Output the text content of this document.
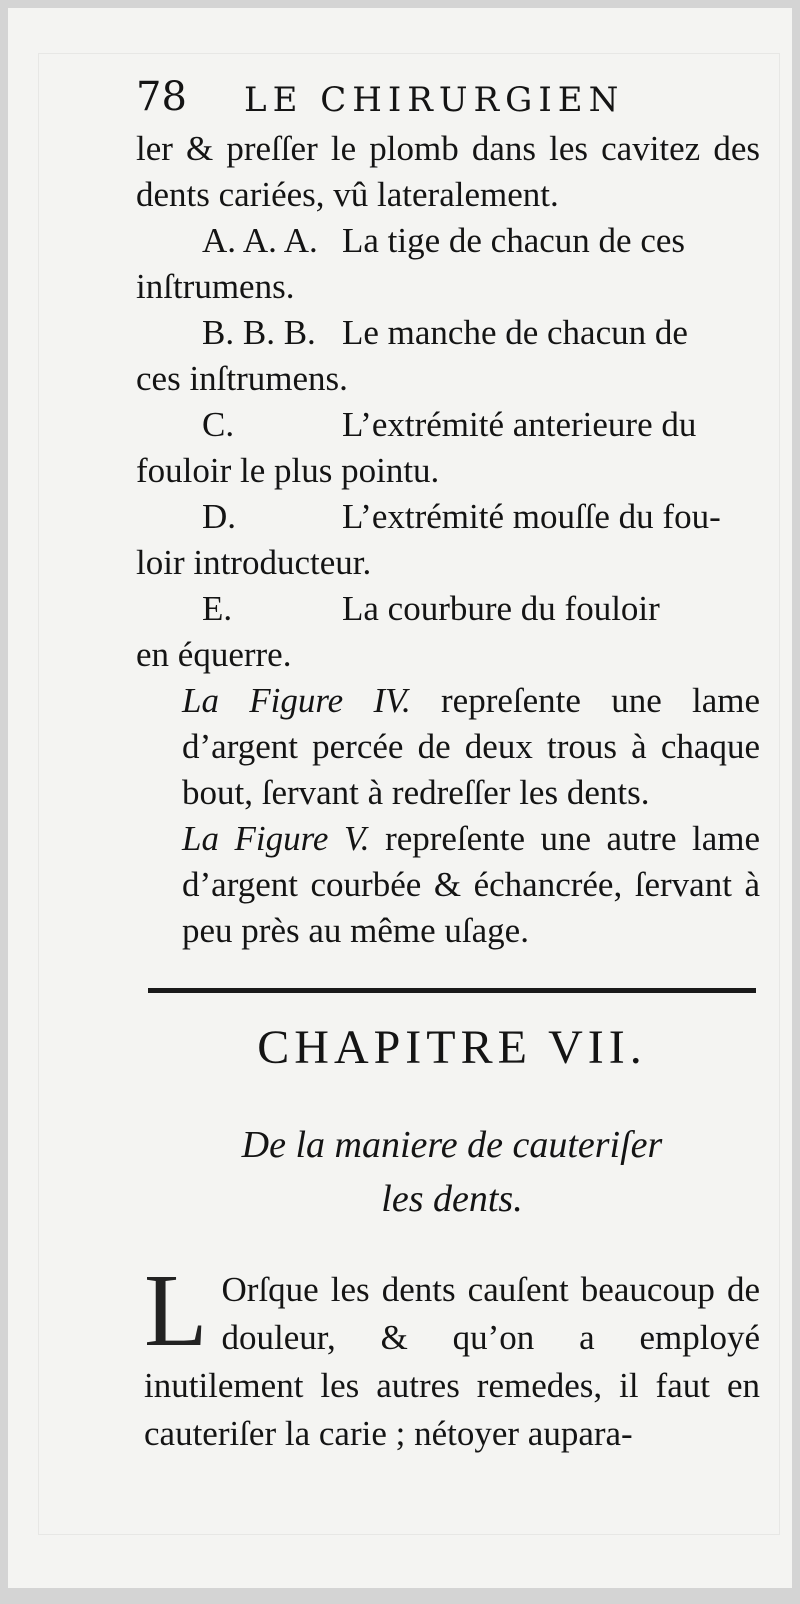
78 LE CHIRURGIEN

ler & preſſer le plomb dans les cavitez des dents cariées, vû lateralement.

A. A. A. La tige de chacun de ces

inſtrumens.

B. B. B. Le manche de chacun de

ces inſtrumens.

C.	L’extrémité anterieure du

fouloir le plus pointu.

D.	L’extrémité mouſſe du fou-

loir introducteur.

E.	La courbure du fouloir

en équerre.

La Figure IV. repreſente une lame d’argent percée de deux trous à chaque bout, ſervant à redreſſer les dents.

La Figure V. repreſente une autre lame d’argent courbée & échancrée, ſervant à peu près au même uſage.

CHAPITRE VII.
De la maniere de cauteriſer
les dents.
L Orſque les dents cauſent beaucoup de douleur, & qu’on a employé inutilement les autres remedes, il faut en cauteriſer la carie ; nétoyer aupara-
